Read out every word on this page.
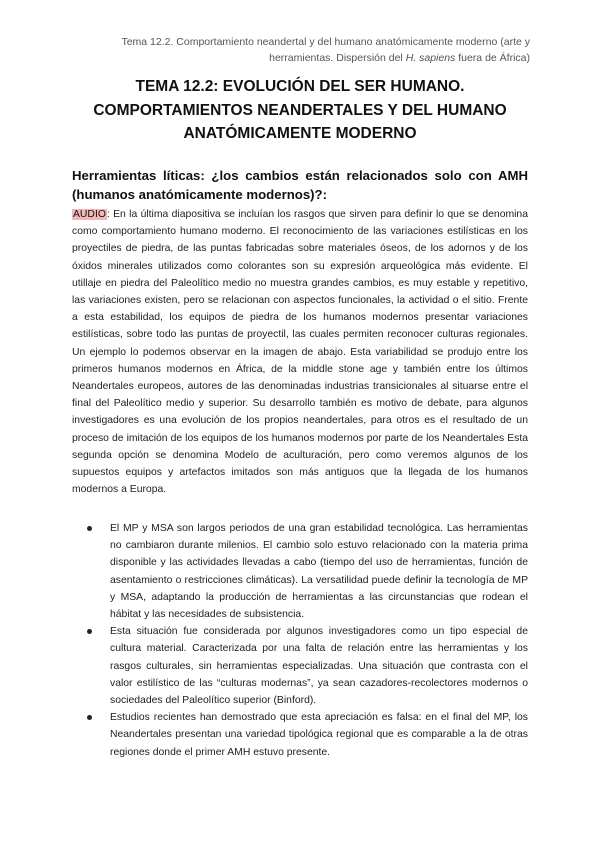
Tema 12.2. Comportamiento neandertal y del humano anatómicamente moderno (arte y
herramientas. Dispersión del H. sapiens fuera de África)
TEMA 12.2: EVOLUCIÓN DEL SER HUMANO.
COMPORTAMIENTOS NEANDERTALES Y DEL HUMANO
ANATÓMICAMENTE MODERNO
Herramientas líticas: ¿los cambios están relacionados solo con AMH (humanos anatómicamente modernos)?:
AUDIO: En la última diapositiva se incluían los rasgos que sirven para definir lo que se denomina como comportamiento humano moderno. El reconocimiento de las variaciones estilísticas en los proyectiles de piedra, de las puntas fabricadas sobre materiales óseos, de los adornos y de los óxidos minerales utilizados como colorantes son su expresión arqueológica más evidente. El utillaje en piedra del Paleolítico medio no muestra grandes cambios, es muy estable y repetitivo, las variaciones existen, pero se relacionan con aspectos funcionales, la actividad o el sitio. Frente a esta estabilidad, los equipos de piedra de los humanos modernos presentar variaciones estilísticas, sobre todo las puntas de proyectil, las cuales permiten reconocer culturas regionales. Un ejemplo lo podemos observar en la imagen de abajo. Esta variabilidad se produjo entre los primeros humanos modernos en África, de la middle stone age y también entre los últimos Neandertales europeos, autores de las denominadas industrias transicionales al situarse entre el final del Paleolítico medio y superior. Su desarrollo también es motivo de debate, para algunos investigadores es una evolución de los propios neandertales, para otros es el resultado de un proceso de imitación de los equipos de los humanos modernos por parte de los Neandertales Esta segunda opción se denomina Modelo de aculturación, pero como veremos algunos de los supuestos equipos y artefactos imitados son más antiguos que la llegada de los humanos modernos a Europa.
El MP y MSA son largos periodos de una gran estabilidad tecnológica. Las herramientas no cambiaron durante milenios. El cambio solo estuvo relacionado con la materia prima disponible y las actividades llevadas a cabo (tiempo del uso de herramientas, función de asentamiento o restricciones climáticas). La versatilidad puede definir la tecnología de MP y MSA, adaptando la producción de herramientas a las circunstancias que rodean el hábitat y las necesidades de subsistencia.
Esta situación fue considerada por algunos investigadores como un tipo especial de cultura material. Caracterizada por una falta de relación entre las herramientas y los rasgos culturales, sin herramientas especializadas. Una situación que contrasta con el valor estilístico de las “culturas modernas”, ya sean cazadores-recolectores modernos o sociedades del Paleolítico superior (Binford).
Estudios recientes han demostrado que esta apreciación es falsa: en el final del MP, los Neandertales presentan una variedad tipológica regional que es comparable a la de otras regiones donde el primer AMH estuvo presente.
